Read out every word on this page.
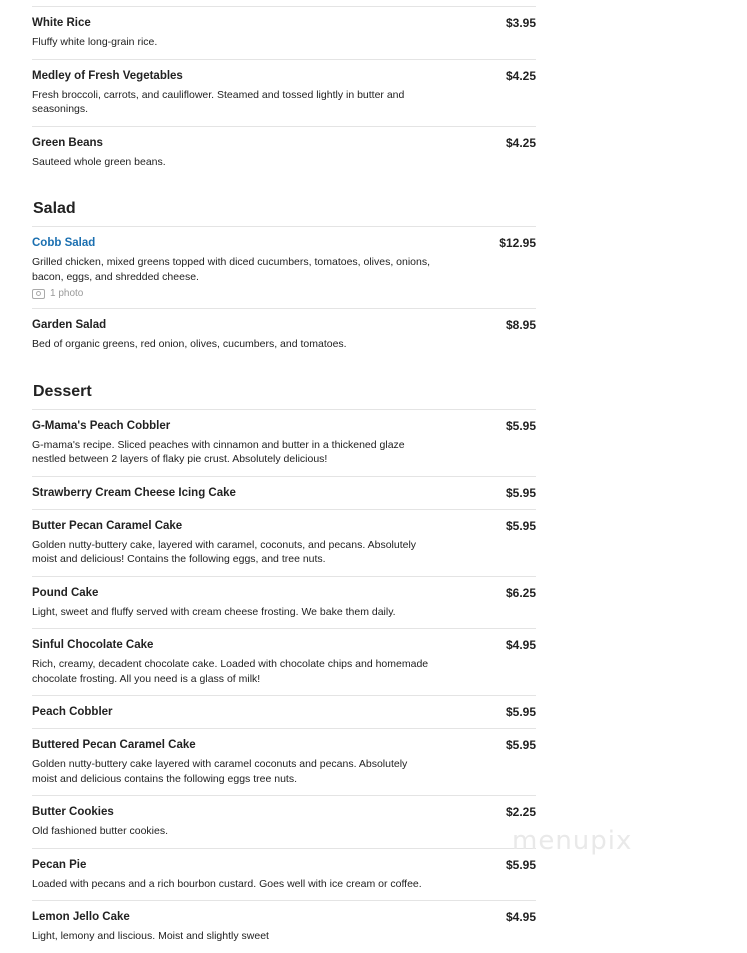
White Rice	$3.95
Fluffy white long-grain rice.
Medley of Fresh Vegetables	$4.25
Fresh broccoli, carrots, and cauliflower. Steamed and tossed lightly in butter and seasonings.
Green Beans	$4.25
Sauteed whole green beans.
Salad
Cobb Salad	$12.95
Grilled chicken, mixed greens topped with diced cucumbers, tomatoes, olives, onions, bacon, eggs, and shredded cheese.
1 photo
Garden Salad	$8.95
Bed of organic greens, red onion, olives, cucumbers, and tomatoes.
Dessert
G-Mama's Peach Cobbler	$5.95
G-mama's recipe. Sliced peaches with cinnamon and butter in a thickened glaze nestled between 2 layers of flaky pie crust. Absolutely delicious!
Strawberry Cream Cheese Icing Cake	$5.95
Butter Pecan Caramel Cake	$5.95
Golden nutty-buttery cake, layered with caramel, coconuts, and pecans. Absolutely moist and delicious! Contains the following eggs, and tree nuts.
Pound Cake	$6.25
Light, sweet and fluffy served with cream cheese frosting. We bake them daily.
Sinful Chocolate Cake	$4.95
Rich, creamy, decadent chocolate cake. Loaded with chocolate chips and homemade chocolate frosting. All you need is a glass of milk!
Peach Cobbler	$5.95
Buttered Pecan Caramel Cake	$5.95
Golden nutty-buttery cake layered with caramel coconuts and pecans. Absolutely moist and delicious contains the following eggs tree nuts.
Butter Cookies	$2.25
Old fashioned butter cookies.
Pecan Pie	$5.95
Loaded with pecans and a rich bourbon custard. Goes well with ice cream or coffee.
Lemon Jello Cake	$4.95
Light, lemony and liscious. Moist and slightly sweet
menupix
